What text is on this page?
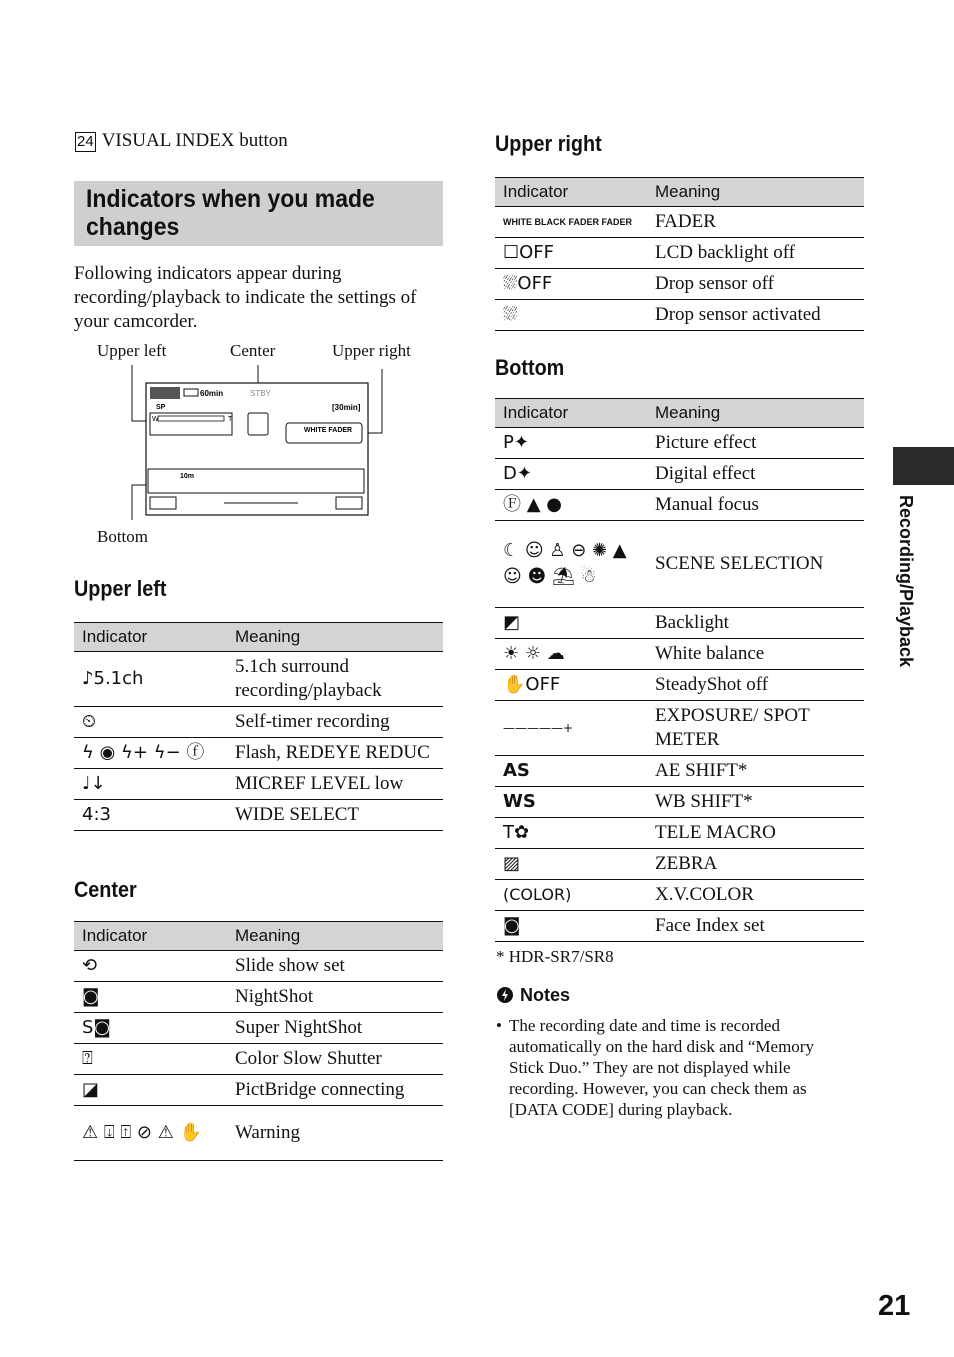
24 VISUAL INDEX button
Indicators when you made changes
Following indicators appear during recording/playback to indicate the settings of your camcorder.
Upper left	Center	Upper right
Bottom
60min	STBY
SP	[30min]
W	T
WHITE FADER
10m
Upper left
Indicator	Meaning
♪5.1ch	5.1ch surround recording/playback
⏲	Self-timer recording
ϟ ◉ ϟ+ ϟ− ⓕ	Flash, REDEYE REDUC
♩↓	MICREF LEVEL low
4:3	WIDE SELECT
Center
Indicator	Meaning
⟲	Slide show set
◙	NightShot
S◙	Super NightShot
⍰	Color Slow Shutter
◪	PictBridge connecting
⚠ ⍗ ⍐ ⊘ ⚠ ✋	Warning
Upper right
Indicator	Meaning
WHITE BLACK FADER FADER	FADER
☐OFF	LCD backlight off
⛆OFF	Drop sensor off
⛆	Drop sensor activated
Bottom
Indicator	Meaning
P✦	Picture effect
D✦	Digital effect
Ⓕ ▲ ●	Manual focus
☾ ☺ ♙ ⊖ ✺ ▲ ☺ ☻ ⛱ ☃	SCENE SELECTION
◩	Backlight
☀ ☼ ☁	White balance
✋OFF	SteadyShot off
—————+	EXPOSURE/ SPOT METER
AS	AE SHIFT*
WS	WB SHIFT*
T✿	TELE MACRO
▨	ZEBRA
(COLOR)	X.V.COLOR
◙	Face Index set
* HDR-SR7/SR8
Notes
• The recording date and time is recorded automatically on the hard disk and “Memory Stick Duo.” They are not displayed while recording. However, you can check them as [DATA CODE] during playback.
Recording/Playback
21
